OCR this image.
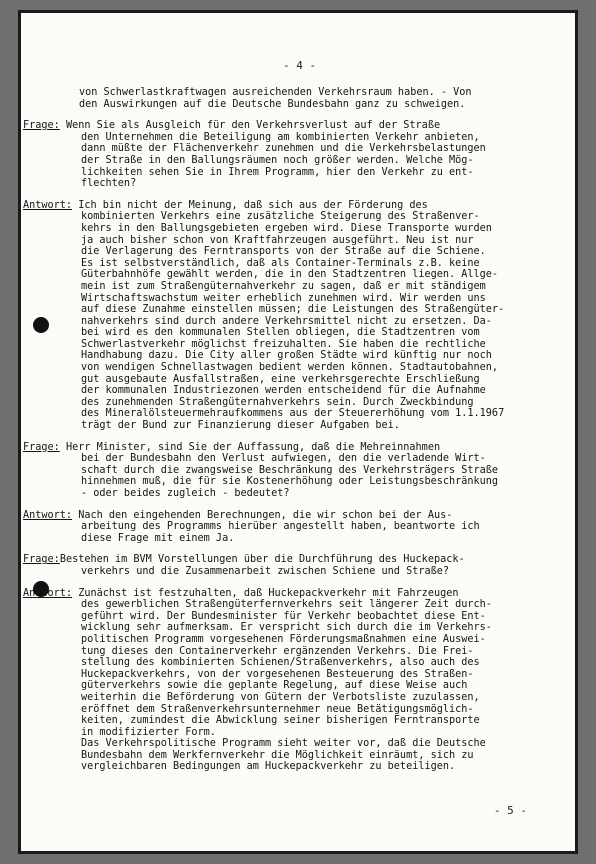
- 4 -
von Schwerlastkraftwagen ausreichenden Verkehrsraum haben. - Von
den Auswirkungen auf die Deutsche Bundesbahn ganz zu schweigen.
Frage: Wenn Sie als Ausgleich für den Verkehrsverlust auf der Straße
den Unternehmen die Beteiligung am kombinierten Verkehr anbieten,
dann müßte der Flächenverkehr zunehmen und die Verkehrsbelastungen
der Straße in den Ballungsräumen noch größer werden. Welche Mög-
lichkeiten sehen Sie in Ihrem Programm, hier den Verkehr zu ent-
flechten?
Antwort: Ich bin nicht der Meinung, daß sich aus der Förderung des
kombinierten Verkehrs eine zusätzliche Steigerung des Straßenver-
kehrs in den Ballungsgebieten ergeben wird. Diese Transporte wurden
ja auch bisher schon von Kraftfahrzeugen ausgeführt. Neu ist nur
die Verlagerung des Ferntransports von der Straße auf die Schiene.
Es ist selbstverständlich, daß als Container-Terminals z.B. keine
Güterbahnhöfe gewählt werden, die in den Stadtzentren liegen. Allge-
mein ist zum Straßengüternahverkehr zu sagen, daß er mit ständigem
Wirtschaftswachstum weiter erheblich zunehmen wird. Wir werden uns
auf diese Zunahme einstellen müssen; die Leistungen des Straßengüter-
nahverkehrs sind durch andere Verkehrsmittel nicht zu ersetzen. Da-
bei wird es den kommunalen Stellen obliegen, die Stadtzentren vom
Schwerlastverkehr möglichst freizuhalten. Sie haben die rechtliche
Handhabung dazu. Die City aller großen Städte wird künftig nur noch
von wendigen Schnellastwagen bedient werden können. Stadtautobahnen,
gut ausgebaute Ausfallstraßen, eine verkehrsgerechte Erschließung
der kommunalen Industriezonen werden entscheidend für die Aufnahme
des zunehmenden Straßengüternahverkehrs sein. Durch Zweckbindung
des Mineralölsteuermehraufkommens aus der Steuererhöhung vom 1.1.1967
trägt der Bund zur Finanzierung dieser Aufgaben bei.
Frage: Herr Minister, sind Sie der Auffassung, daß die Mehreinnahmen
bei der Bundesbahn den Verlust aufwiegen, den die verladende Wirt-
schaft durch die zwangsweise Beschränkung des Verkehrsträgers Straße
hinnehmen muß, die für sie Kostenerhöhung oder Leistungsbeschränkung
- oder beides zugleich - bedeutet?
Antwort: Nach den eingehenden Berechnungen, die wir schon bei der Aus-
arbeitung des Programms hierüber angestellt haben, beantworte ich
diese Frage mit einem Ja.
Frage:Bestehen im BVM Vorstellungen über die Durchführung des Huckepack-
verkehrs und die Zusammenarbeit zwischen Schiene und Straße?
Antwort: Zunächst ist festzuhalten, daß Huckepackverkehr mit Fahrzeugen
des gewerblichen Straßengüterfernverkehrs seit längerer Zeit durch-
geführt wird. Der Bundesminister für Verkehr beobachtet diese Ent-
wicklung sehr aufmerksam. Er verspricht sich durch die im Verkehrs-
politischen Programm vorgesehenen Förderungsmaßnahmen eine Auswei-
tung dieses den Containerverkehr ergänzenden Verkehrs. Die Frei-
stellung des kombinierten Schienen/Straßenverkehrs, also auch des
Huckepackverkehrs, von der vorgesehenen Besteuerung des Straßen-
güterverkehrs sowie die geplante Regelung, auf diese Weise auch
weiterhin die Beförderung von Gütern der Verbotsliste zuzulassen,
eröffnet dem Straßenverkehrsunternehmer neue Betätigungsmöglich-
keiten, zumindest die Abwicklung seiner bisherigen Ferntransporte
in modifizierter Form.
Das Verkehrspolitische Programm sieht weiter vor, daß die Deutsche
Bundesbahn dem Werkfernverkehr die Möglichkeit einräumt, sich zu
vergleichbaren Bedingungen am Huckepackverkehr zu beteiligen.
- 5 -
